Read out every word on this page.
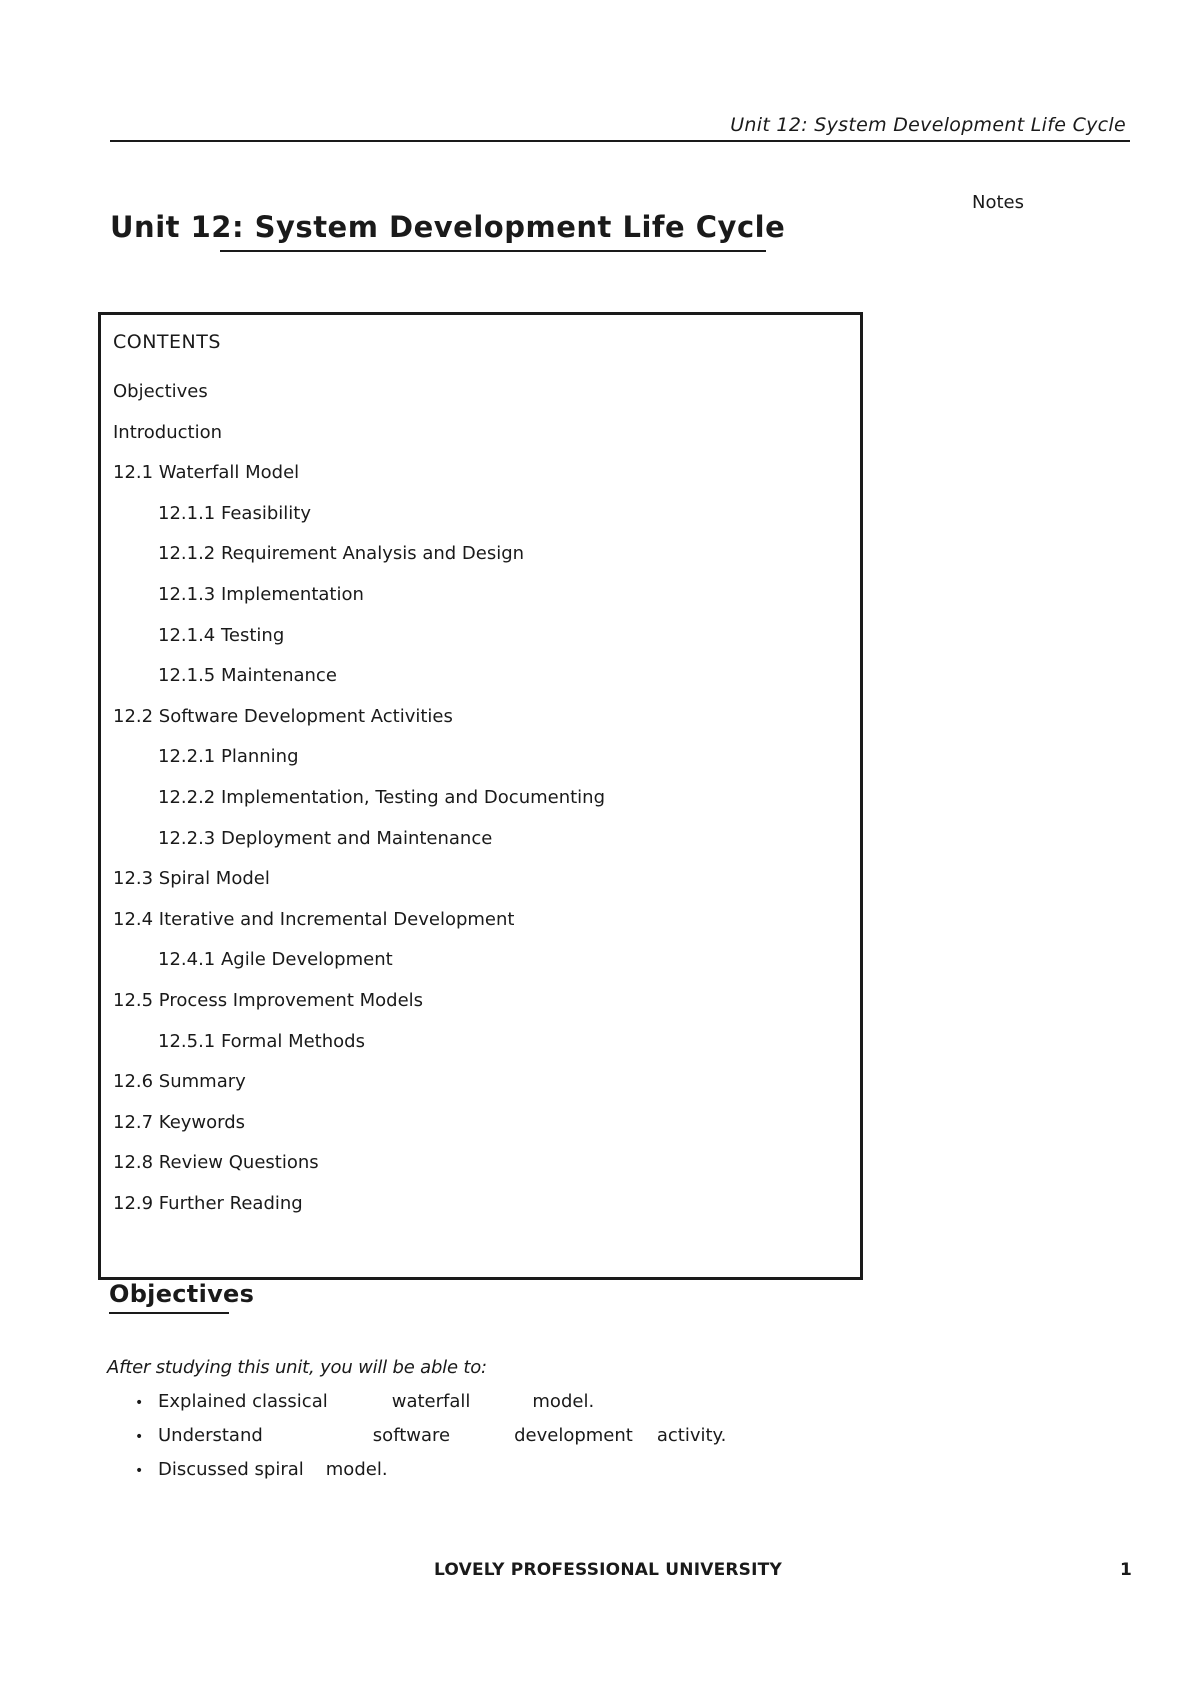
Unit 12: System Development Life Cycle
Notes
Unit 12: System Development Life Cycle
CONTENTS
Objectives
Introduction
12.1 Waterfall Model
12.1.1 Feasibility
12.1.2 Requirement Analysis and Design
12.1.3 Implementation
12.1.4 Testing
12.1.5 Maintenance
12.2 Software Development Activities
12.2.1 Planning
12.2.2 Implementation, Testing and Documenting
12.2.3 Deployment and Maintenance
12.3 Spiral Model
12.4 Iterative and Incremental Development
12.4.1 Agile Development
12.5 Process Improvement Models
12.5.1 Formal Methods
12.6 Summary
12.7 Keywords
12.8 Review Questions
12.9 Further Reading
Objectives
After studying this unit, you will be able to:
• Explained classical	waterfall	model.
• Understand	software	development activity.
• Discussed spiral model.
LOVELY PROFESSIONAL UNIVERSITY	1
